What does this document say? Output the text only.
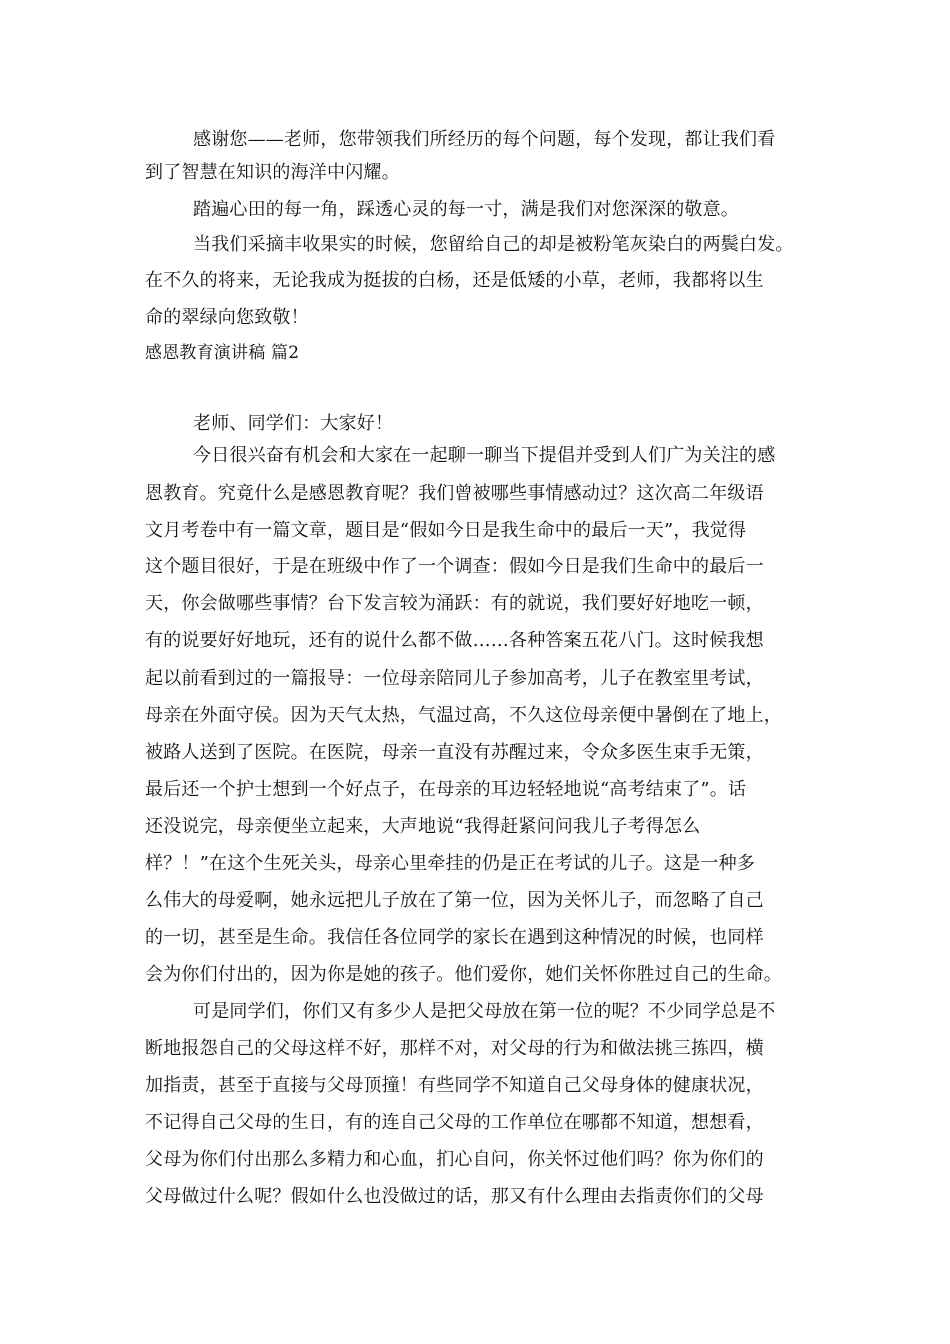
感谢您——老师，您带领我们所经历的每个问题，每个发现，都让我们看
到了智慧在知识的海洋中闪耀。
踏遍心田的每一角，踩透心灵的每一寸，满是我们对您深深的敬意。
当我们采摘丰收果实的时候，您留给自己的却是被粉笔灰染白的两鬓白发。
在不久的将来，无论我成为挺拔的白杨，还是低矮的小草，老师，我都将以生
命的翠绿向您致敬！
感恩教育演讲稿 篇2
老师、同学们：大家好！
今日很兴奋有机会和大家在一起聊一聊当下提倡并受到人们广为关注的感
恩教育。究竟什么是感恩教育呢？我们曾被哪些事情感动过？这次高二年级语
文月考卷中有一篇文章，题目是“假如今日是我生命中的最后一天”，我觉得
这个题目很好，于是在班级中作了一个调查：假如今日是我们生命中的最后一
天，你会做哪些事情？台下发言较为涌跃：有的就说，我们要好好地吃一顿，
有的说要好好地玩，还有的说什么都不做……各种答案五花八门。这时候我想
起以前看到过的一篇报导：一位母亲陪同儿子参加高考，儿子在教室里考试，
母亲在外面守侯。因为天气太热，气温过高，不久这位母亲便中暑倒在了地上，
被路人送到了医院。在医院，母亲一直没有苏醒过来，令众多医生束手无策，
最后还一个护士想到一个好点子，在母亲的耳边轻轻地说“高考结束了”。话
还没说完，母亲便坐立起来，大声地说“我得赶紧问问我儿子考得怎么
样？！”在这个生死关头，母亲心里牵挂的仍是正在考试的儿子。这是一种多
么伟大的母爱啊，她永远把儿子放在了第一位，因为关怀儿子，而忽略了自己
的一切，甚至是生命。我信任各位同学的家长在遇到这种情况的时候，也同样
会为你们付出的，因为你是她的孩子。他们爱你，她们关怀你胜过自己的生命。
可是同学们，你们又有多少人是把父母放在第一位的呢？不少同学总是不
断地报怨自己的父母这样不好，那样不对，对父母的行为和做法挑三拣四，横
加指责，甚至于直接与父母顶撞！有些同学不知道自己父母身体的健康状况，
不记得自己父母的生日，有的连自己父母的工作单位在哪都不知道，想想看，
父母为你们付出那么多精力和心血，扪心自问，你关怀过他们吗？你为你们的
父母做过什么呢？假如什么也没做过的话，那又有什么理由去指责你们的父母
